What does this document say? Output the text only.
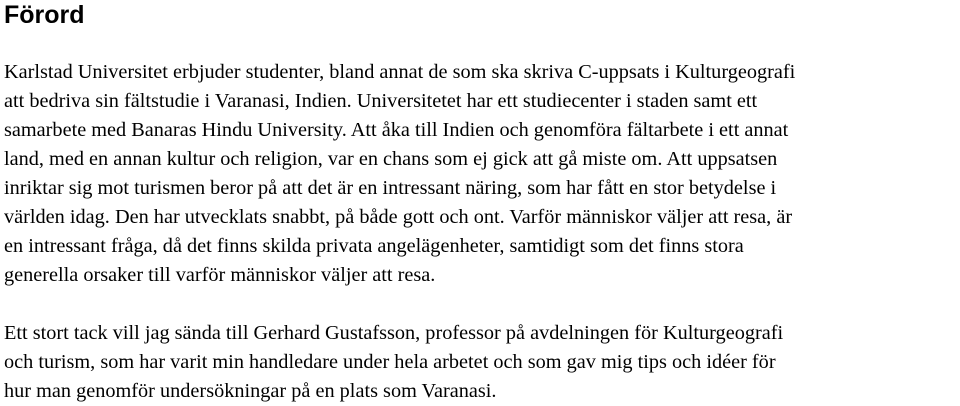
Förord

Karlstad Universitet erbjuder studenter, bland annat de som ska skriva C-uppsats i Kulturgeografi
att bedriva sin fältstudie i Varanasi, Indien. Universitetet har ett studiecenter i staden samt ett
samarbete med Banaras Hindu University. Att åka till Indien och genomföra fältarbete i ett annat
land, med en annan kultur och religion, var en chans som ej gick att gå miste om. Att uppsatsen
inriktar sig mot turismen beror på att det är en intressant näring, som har fått en stor betydelse i
världen idag. Den har utvecklats snabbt, på både gott och ont. Varför människor väljer att resa, är
en intressant fråga, då det finns skilda privata angelägenheter, samtidigt som det finns stora
generella orsaker till varför människor väljer att resa.

Ett stort tack vill jag sända till Gerhard Gustafsson, professor på avdelningen för Kulturgeografi
och turism, som har varit min handledare under hela arbetet och som gav mig tips och idéer för
hur man genomför undersökningar på en plats som Varanasi.
